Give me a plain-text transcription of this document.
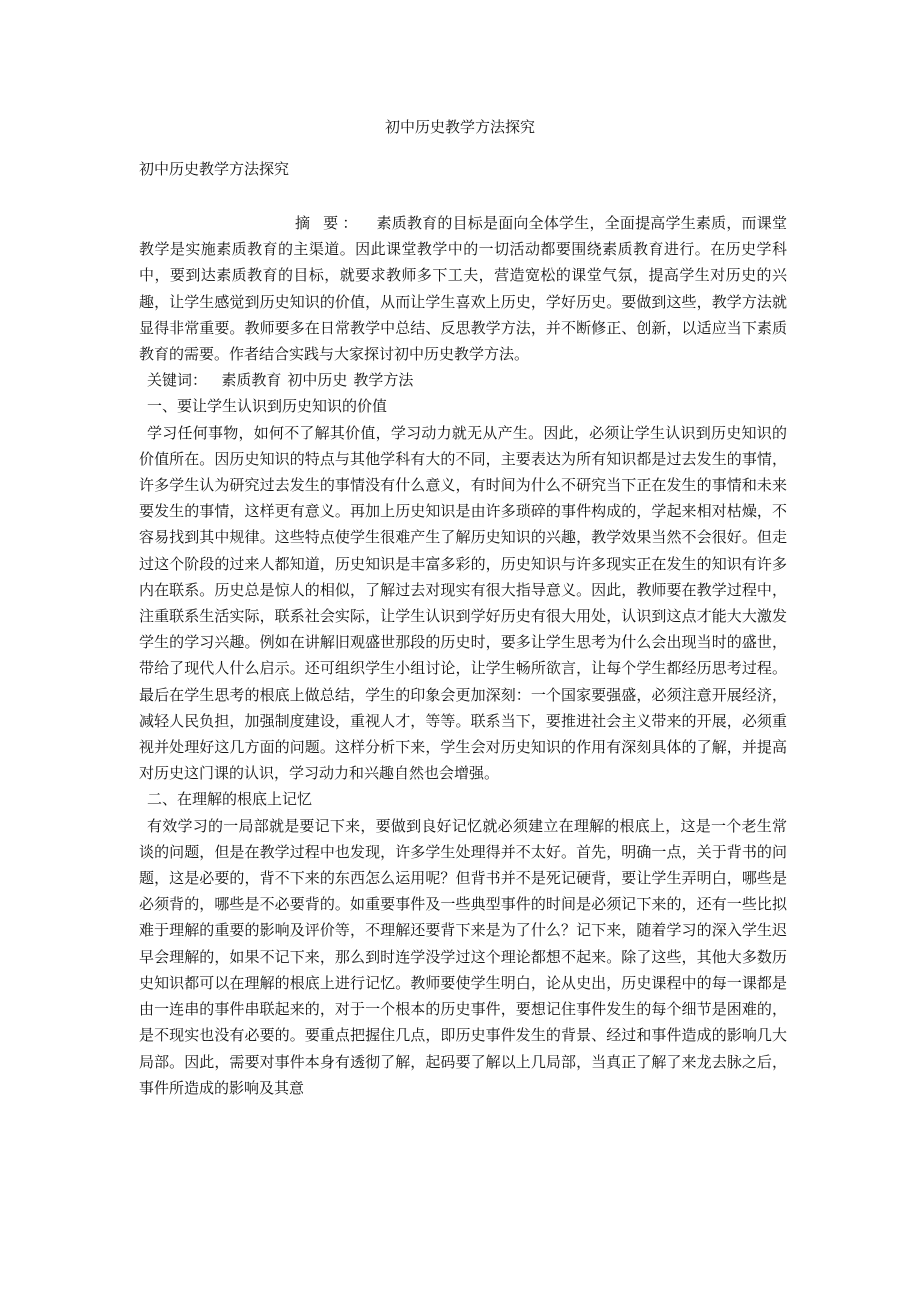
初中历史教学方法探究
初中历史教学方法探究

摘 要： 素质教育的目标是面向全体学生，全面提高学生素质，而课堂教学是实施素质教育的主渠道。因此课堂教学中的一切活动都要围绕素质教育进行。在历史学科中，要到达素质教育的目标，就要求教师多下工夫，营造宽松的课堂气氛，提高学生对历史的兴趣，让学生感觉到历史知识的价值，从而让学生喜欢上历史，学好历史。要做到这些，教学方法就显得非常重要。教师要多在日常教学中总结、反思教学方法，并不断修正、创新，以适应当下素质教育的需要。作者结合实践与大家探讨初中历史教学方法。

关键词： 素质教育 初中历史 教学方法

一、要让学生认识到历史知识的价值

学习任何事物，如何不了解其价值，学习动力就无从产生。因此，必须让学生认识到历史知识的价值所在。因历史知识的特点与其他学科有大的不同，主要表达为所有知识都是过去发生的事情，许多学生认为研究过去发生的事情没有什么意义，有时间为什么不研究当下正在发生的事情和未来要发生的事情，这样更有意义。再加上历史知识是由许多琐碎的事件构成的，学起来相对枯燥，不容易找到其中规律。这些特点使学生很难产生了解历史知识的兴趣，教学效果当然不会很好。但走过这个阶段的过来人都知道，历史知识是丰富多彩的，历史知识与许多现实正在发生的知识有许多内在联系。历史总是惊人的相似，了解过去对现实有很大指导意义。因此，教师要在教学过程中，注重联系生活实际，联系社会实际，让学生认识到学好历史有很大用处，认识到这点才能大大激发学生的学习兴趣。例如在讲解旧观盛世那段的历史时，要多让学生思考为什么会出现当时的盛世，带给了现代人什么启示。还可组织学生小组讨论，让学生畅所欲言，让每个学生都经历思考过程。最后在学生思考的根底上做总结，学生的印象会更加深刻：一个国家要强盛，必须注意开展经济，减轻人民负担，加强制度建设，重视人才，等等。联系当下，要推进社会主义带来的开展，必须重视并处理好这几方面的问题。这样分析下来，学生会对历史知识的作用有深刻具体的了解，并提高对历史这门课的认识，学习动力和兴趣自然也会增强。

二、在理解的根底上记忆

有效学习的一局部就是要记下来，要做到良好记忆就必须建立在理解的根底上，这是一个老生常谈的问题，但是在教学过程中也发现，许多学生处理得并不太好。首先，明确一点，关于背书的问题，这是必要的，背不下来的东西怎么运用呢？但背书并不是死记硬背，要让学生弄明白，哪些是必须背的，哪些是不必要背的。如重要事件及一些典型事件的时间是必须记下来的，还有一些比拟难于理解的重要的影响及评价等，不理解还要背下来是为了什么？记下来，随着学习的深入学生迟早会理解的，如果不记下来，那么到时连学没学过这个理论都想不起来。除了这些，其他大多数历史知识都可以在理解的根底上进行记忆。教师要使学生明白，论从史出，历史课程中的每一课都是由一连串的事件串联起来的，对于一个根本的历史事件，要想记住事件发生的每个细节是困难的，是不现实也没有必要的。要重点把握住几点，即历史事件发生的背景、经过和事件造成的影响几大局部。因此，需要对事件本身有透彻了解，起码要了解以上几局部，当真正了解了来龙去脉之后，事件所造成的影响及其意
